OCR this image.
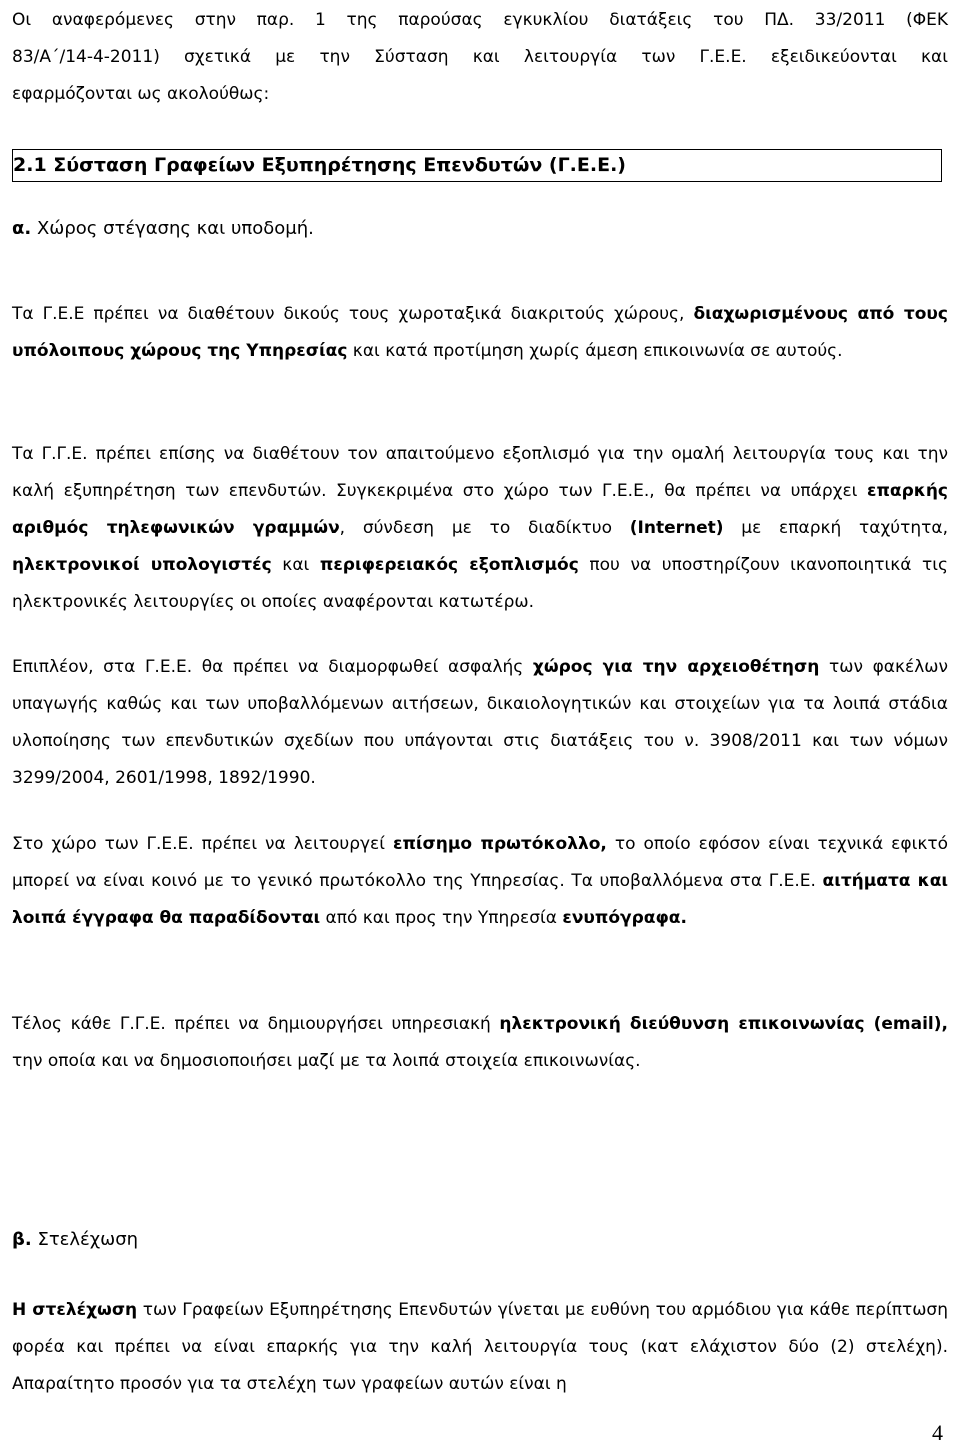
Οι αναφερόμενες στην παρ. 1 της παρούσας εγκυκλίου διατάξεις του ΠΔ. 33/2011 (ΦΕΚ
83/Α΄/14-4-2011) σχετικά με την Σύσταση και λειτουργία των Γ.Ε.Ε. εξειδικεύονται και
εφαρμόζονται ως ακολούθως:
2.1 Σύσταση Γραφείων Εξυπηρέτησης Επενδυτών (Γ.Ε.Ε.)
α. Χώρος στέγασης και υποδομή.
Τα Γ.Ε.Ε πρέπει να διαθέτουν δικούς τους χωροταξικά διακριτούς χώρους, διαχωρισμένους από τους υπόλοιπους χώρους της Υπηρεσίας και κατά προτίμηση χωρίς άμεση επικοινωνία σε αυτούς.
Τα Γ.Γ.Ε. πρέπει επίσης να διαθέτουν τον απαιτούμενο εξοπλισμό για την ομαλή λειτουργία τους και την καλή εξυπηρέτηση των επενδυτών. Συγκεκριμένα στο χώρο των Γ.Ε.Ε., θα πρέπει να υπάρχει επαρκής αριθμός τηλεφωνικών γραμμών, σύνδεση με το διαδίκτυο (Internet) με επαρκή ταχύτητα, ηλεκτρονικοί υπολογιστές και περιφερειακός εξοπλισμός που να υποστηρίζουν ικανοποιητικά τις ηλεκτρονικές λειτουργίες οι οποίες αναφέρονται κατωτέρω.
Επιπλέον, στα Γ.Ε.Ε. θα πρέπει να διαμορφωθεί ασφαλής χώρος για την αρχειοθέτηση των φακέλων υπαγωγής καθώς και των υποβαλλόμενων αιτήσεων, δικαιολογητικών και στοιχείων για τα λοιπά στάδια υλοποίησης των επενδυτικών σχεδίων που υπάγονται στις διατάξεις του ν. 3908/2011 και των νόμων 3299/2004, 2601/1998, 1892/1990.
Στο χώρο των Γ.Ε.Ε. πρέπει να λειτουργεί επίσημο πρωτόκολλο, το οποίο εφόσον είναι τεχνικά εφικτό μπορεί να είναι κοινό με το γενικό πρωτόκολλο της Υπηρεσίας. Τα υποβαλλόμενα στα Γ.Ε.Ε. αιτήματα και λοιπά έγγραφα θα παραδίδονται από και προς την Υπηρεσία ενυπόγραφα.
Τέλος κάθε Γ.Γ.Ε. πρέπει να δημιουργήσει υπηρεσιακή ηλεκτρονική διεύθυνση επικοινωνίας (email), την οποία και να δημοσιοποιήσει μαζί με τα λοιπά στοιχεία επικοινωνίας.
β. Στελέχωση
Η στελέχωση των Γραφείων Εξυπηρέτησης Επενδυτών γίνεται με ευθύνη του αρμόδιου για κάθε περίπτωση φορέα και πρέπει να είναι επαρκής για την καλή λειτουργία τους (κατ ελάχιστον δύο (2) στελέχη). Απαραίτητο προσόν για τα στελέχη των γραφείων αυτών είναι η
4
